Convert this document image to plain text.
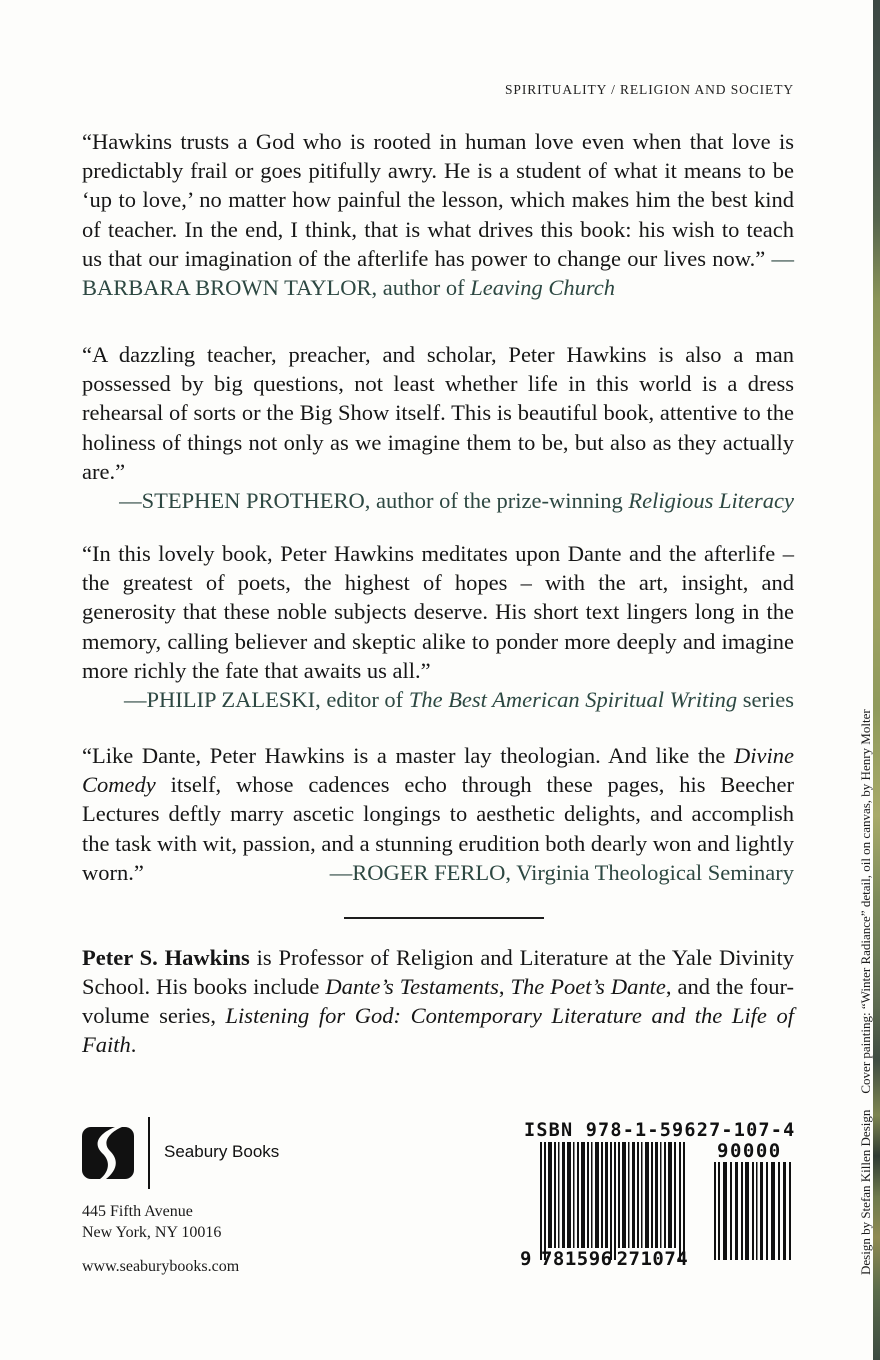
SPIRITUALITY / RELIGION AND SOCIETY
“Hawkins trusts a God who is rooted in human love even when that love is predictably frail or goes pitifully awry. He is a student of what it means to be ‘up to love,’ no matter how painful the lesson, which makes him the best kind of teacher. In the end, I think, that is what drives this book: his wish to teach us that our imagination of the afterlife has power to change our lives now.” —BARBARA BROWN TAYLOR, author of Leaving Church
“A dazzling teacher, preacher, and scholar, Peter Hawkins is also a man possessed by big questions, not least whether life in this world is a dress rehearsal of sorts or the Big Show itself. This is beautiful book, attentive to the holiness of things not only as we imagine them to be, but also as they actually are.”
—STEPHEN PROTHERO, author of the prize-winning Religious Literacy
“In this lovely book, Peter Hawkins meditates upon Dante and the afterlife – the greatest of poets, the highest of hopes – with the art, insight, and generosity that these noble subjects deserve. His short text lingers long in the memory, calling believer and skeptic alike to ponder more deeply and imagine more richly the fate that awaits us all.”
—PHILIP ZALESKI, editor of The Best American Spiritual Writing series
“Like Dante, Peter Hawkins is a master lay theologian. And like the Divine Comedy itself, whose cadences echo through these pages, his Beecher Lectures deftly marry ascetic longings to aesthetic delights, and accomplish the task with wit, passion, and a stunning erudition both dearly won and lightly worn.”	—ROGER FERLO, Virginia Theological Seminary
Peter S. Hawkins is Professor of Religion and Literature at the Yale Divinity School. His books include Dante’s Testaments, The Poet’s Dante, and the four-volume series, Listening for God: Contemporary Literature and the Life of Faith.
Seabury Books
445 Fifth Avenue
New York, NY 10016
www.seaburybooks.com
ISBN 978-1-59627-107-4
90000
9 781596 271074	Design by Stefan Killen DesignCover painting: “Winter Radiance” detail, oil on canvas, by Henry Molter
